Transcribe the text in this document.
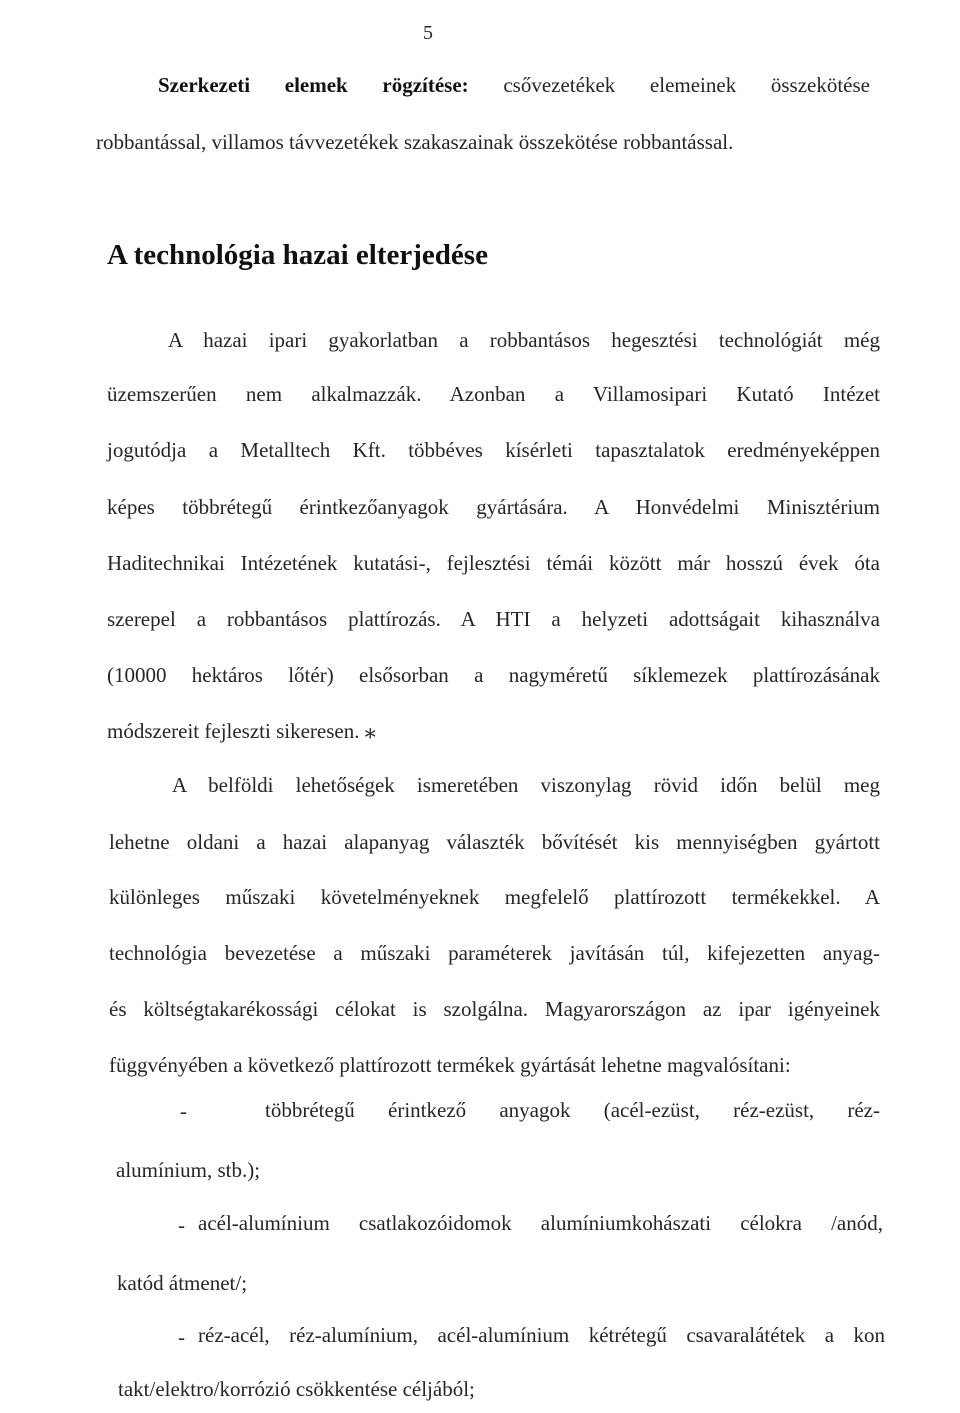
5
Szerkezeti elemek rögzítése: csővezetékek elemeinek összekötése
robbantással, villamos távvezetékek szakaszainak összekötése robbantással.
A technológia hazai elterjedése
A hazai ipari gyakorlatban a robbantásos hegesztési technológiát még
üzemszerűen nem alkalmazzák. Azonban a Villamosipari Kutató Intézet
jogutódja a Metalltech Kft. többéves kísérleti tapasztalatok eredményeképpen
képes többrétegű érintkezőanyagok gyártására. A Honvédelmi Minisztérium
Haditechnikai Intézetének kutatási-, fejlesztési témái között már hosszú évek óta
szerepel a robbantásos plattírozás. A HTI a helyzeti adottságait kihasználva
(10000 hektáros lőtér) elsősorban a nagyméretű síklemezek plattírozásának
módszereit fejleszti sikeresen. ⁎
A belföldi lehetőségek ismeretében viszonylag rövid időn belül meg
lehetne oldani a hazai alapanyag választék bővítését kis mennyiségben gyártott
különleges műszaki követelményeknek megfelelő plattírozott termékekkel. A
technológia bevezetése a műszaki paraméterek javításán túl, kifejezetten anyag-
és költségtakarékossági célokat is szolgálna. Magyarországon az ipar igényeinek
függvényében a következő plattírozott termékek gyártását lehetne magvalósítani:
-	többrétegű érintkező anyagok (acél-ezüst, réz-ezüst, réz-
alumínium, stb.);
- acél-alumínium csatlakozóidomok alumíniumkohászati célokra /anód,
katód átmenet/;
- réz-acél, réz-alumínium, acél-alumínium kétrétegű csavaralátétek a kon
takt/elektro/korrózió csökkentése céljából;
